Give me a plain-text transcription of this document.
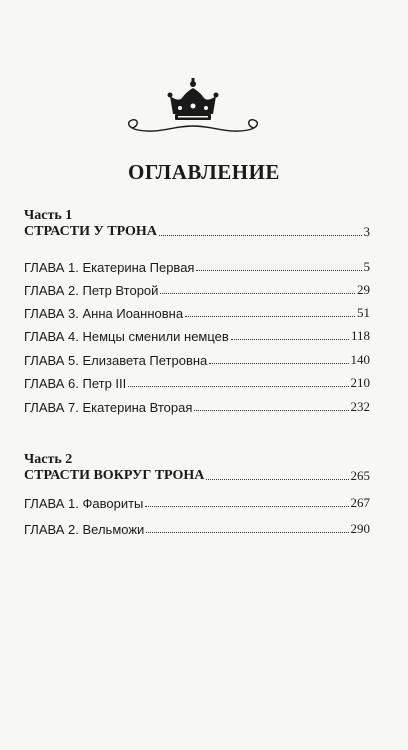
ОГЛАВЛЕНИЕ
Часть 1
СТРАСТИ У ТРОНА	3
ГЛАВА 1. Екатерина Первая	5
ГЛАВА 2. Петр Второй	29
ГЛАВА 3. Анна Иоанновна	51
ГЛАВА 4. Немцы сменили немцев	118
ГЛАВА 5. Елизавета Петровна	140
ГЛАВА 6. Петр III	210
ГЛАВА 7. Екатерина Вторая	232
Часть 2
СТРАСТИ ВОКРУГ ТРОНА	265
ГЛАВА 1. Фавориты	267
ГЛАВА 2. Вельможи	290
